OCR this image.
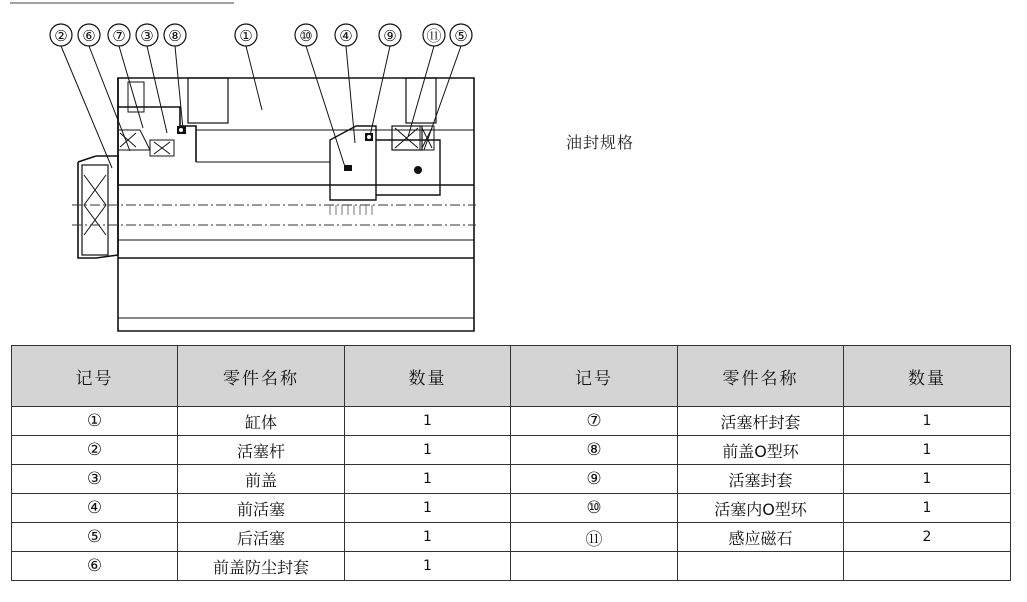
② ⑥ ⑦ ③ ⑧	①	⑩ ④ ⑨ ⑪ ⑤
油封规格
记号	零件名称	数量	记号	零件名称	数量
①	缸体	1	⑦	活塞杆封套	1
②	活塞杆	1	⑧	前盖O型环	1
③	前盖	1	⑨	活塞封套	1
④	前活塞	1	⑩	活塞内O型环	1
⑤	后活塞	1	⑪	感应磁石	2
⑥	前盖防尘封套	1			
